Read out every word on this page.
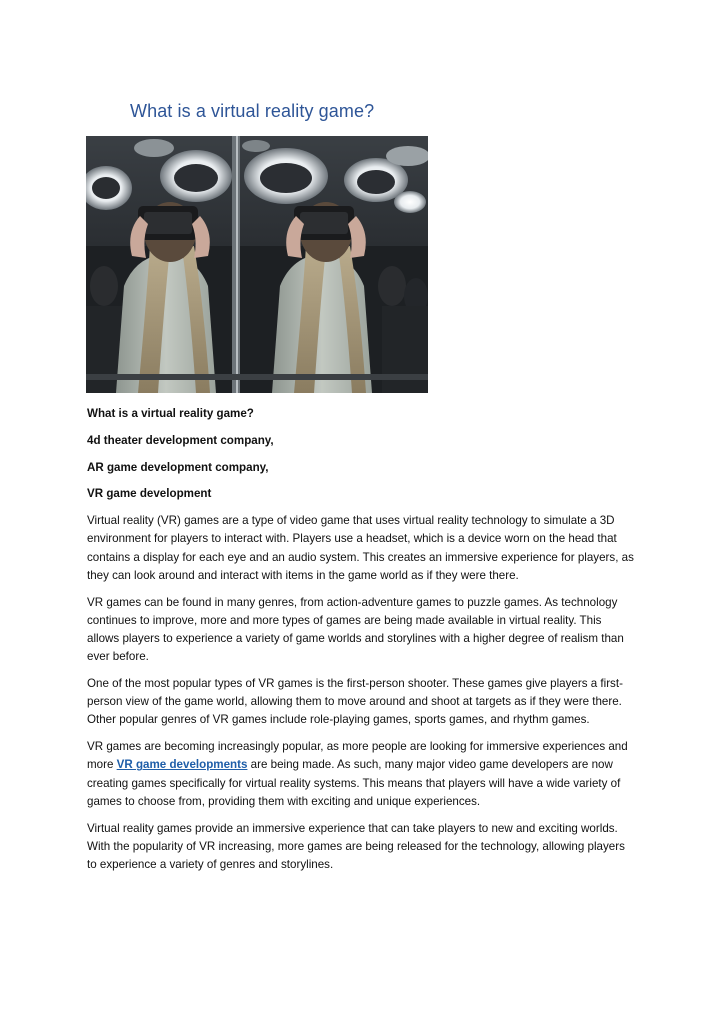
What is a virtual reality game?

What is a virtual reality game?

4d theater development company,

AR game development company,

VR game development

Virtual reality (VR) games are a type of video game that uses virtual reality technology to simulate a 3D environment for players to interact with. Players use a headset, which is a device worn on the head that contains a display for each eye and an audio system. This creates an immersive experience for players, as they can look around and interact with items in the game world as if they were there.

VR games can be found in many genres, from action-adventure games to puzzle games. As technology continues to improve, more and more types of games are being made available in virtual reality. This allows players to experience a variety of game worlds and storylines with a higher degree of realism than ever before.

One of the most popular types of VR games is the first-person shooter. These games give players a first-person view of the game world, allowing them to move around and shoot at targets as if they were there. Other popular genres of VR games include role-playing games, sports games, and rhythm games.

VR games are becoming increasingly popular, as more people are looking for immersive experiences and more VR game developments are being made. As such, many major video game developers are now creating games specifically for virtual reality systems. This means that players will have a wide variety of games to choose from, providing them with exciting and unique experiences.

Virtual reality games provide an immersive experience that can take players to new and exciting worlds. With the popularity of VR increasing, more games are being released for the technology, allowing players to experience a variety of genres and storylines.
